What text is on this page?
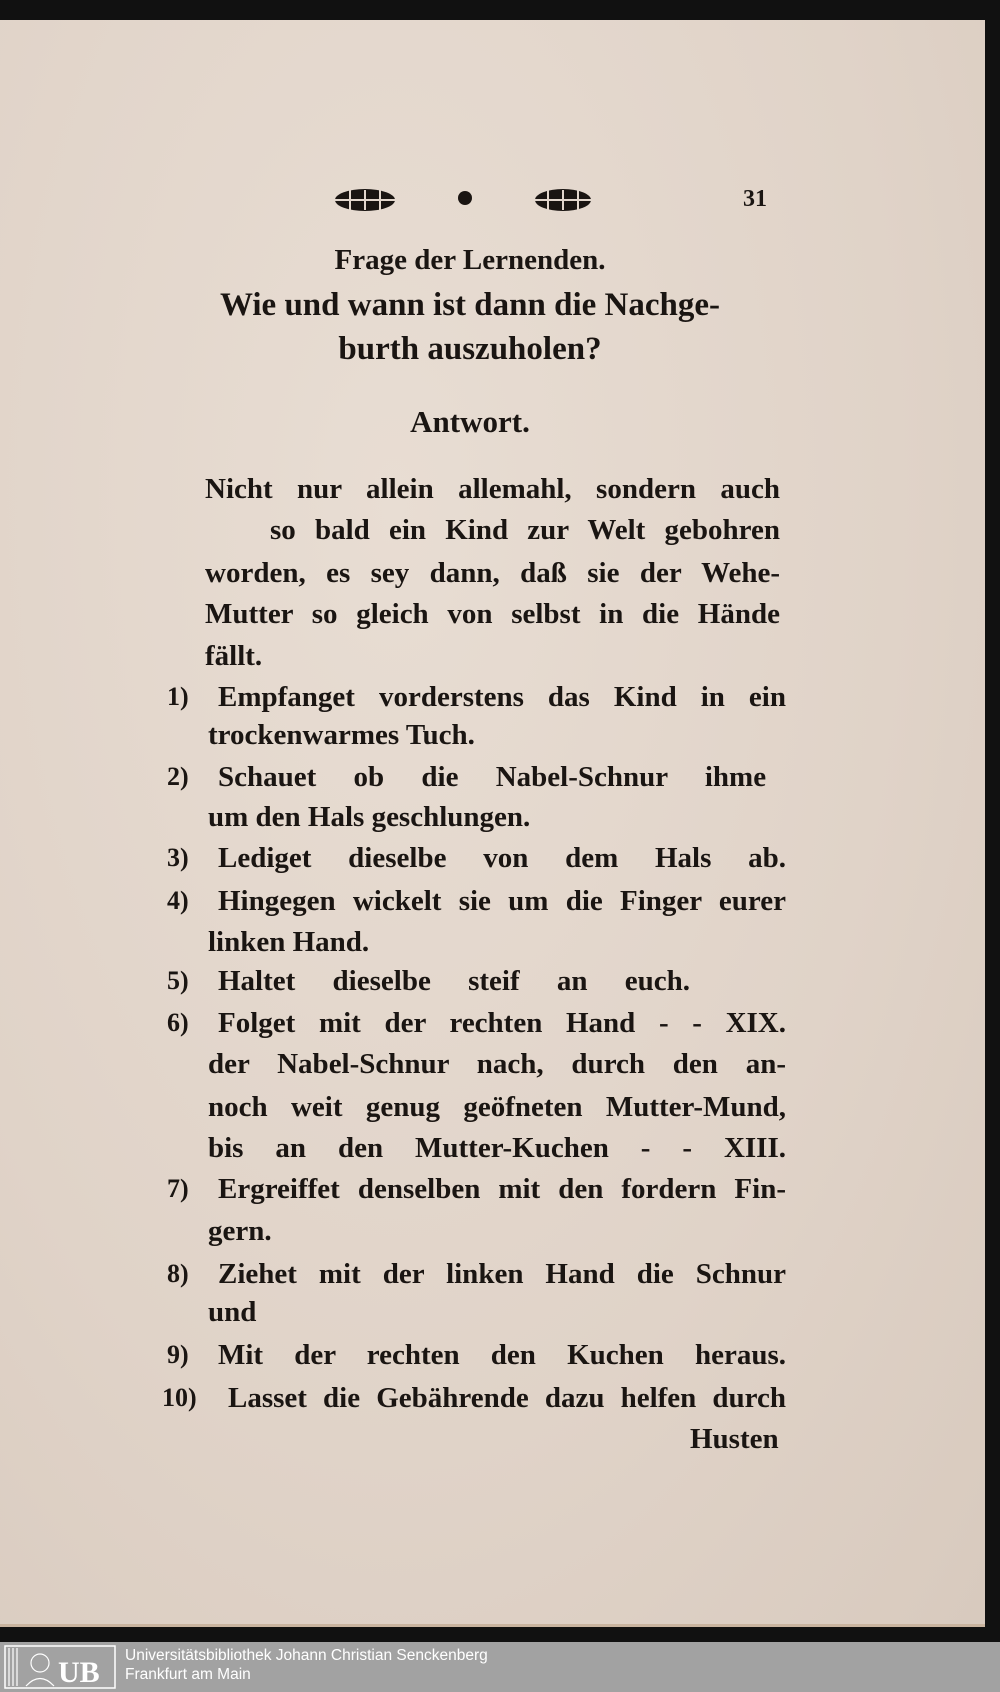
31
Frage der Lernenden.
Wie und wann ist dann die Nachge-
burth auszuholen?
Antwort.
Nicht nur allein allemahl, sondern auch
so bald ein Kind zur Welt gebohren
worden, es sey dann, daß sie der Wehe-
Mutter so gleich von selbst in die Hände
fällt.
1) Empfanget vorderstens das Kind in ein
trockenwarmes Tuch.
2) Schauet ob die Nabel-Schnur ihme
um den Hals geschlungen.
3) Lediget dieselbe von dem Hals ab.
4) Hingegen wickelt sie um die Finger eurer
linken Hand.
5) Haltet dieselbe steif an euch.
6) Folget mit der rechten Hand - - XIX.
der Nabel-Schnur nach, durch den an-
noch weit genug geöfneten Mutter-Mund,
bis an den Mutter-Kuchen - - XIII.
7) Ergreiffet denselben mit den fordern Fin-
gern.
8) Ziehet mit der linken Hand die Schnur
und
9) Mit der rechten den Kuchen heraus.
10) Lasset die Gebährende dazu helfen durch
Husten
UB
Universitätsbibliothek Johann Christian Senckenberg
Frankfurt am Main
